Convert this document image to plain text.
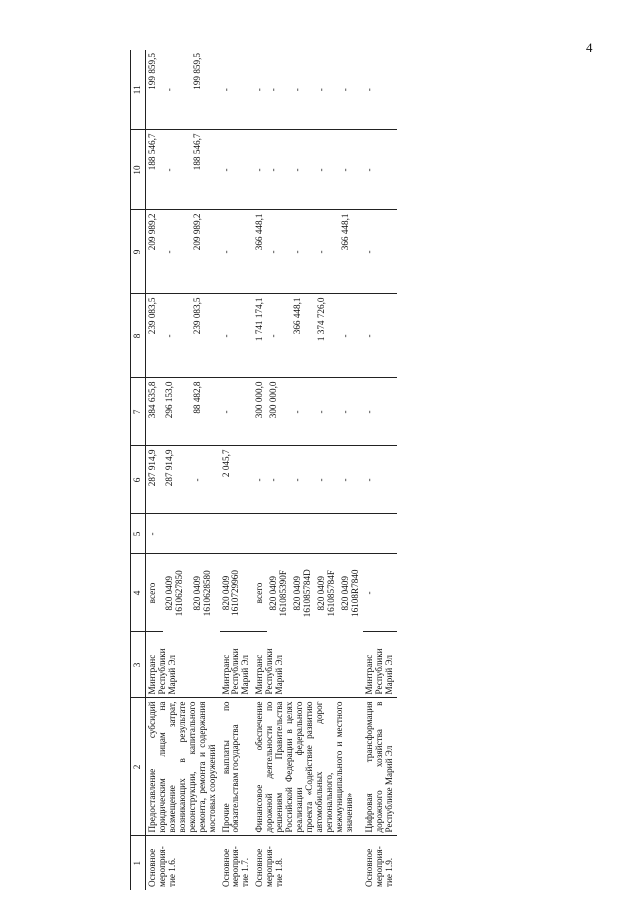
4
1	2	3	4	5	6	7	8	9	10	11
Основное мероприя-тие 1.6.	Предоставление субсидий юридическим лицам на возмещение затрат, возникающих в результате реконструкции, капитального ремонта, ремонта и содержания мостовых сооружений	Минтранс Республики Марий Эл	всего	-	287 914,9	384 635,8	239 083,5	209 989,2	188 546,7	199 859,5
			820 0409 1610627850		287 914,9	296 153,0	-	-	-	-
			820 0409 1610628580		-	88 482,8	239 083,5	209 989,2	188 546,7	199 859,5
Основное мероприя-тие 1.7.	Прочие выплаты по обязательствам государства	Минтранс Республики Марий Эл	820 0409 1610729960		2 045,7	-	-	-	-	-
Основное мероприя-тие 1.8.	Финансовое обеспечение дорожной деятельности по решениям Правительства Российской Федерации в целях реализации федерального проекта «Содействие развитию автомобильных дорог регионального, межмуниципального и местного значения»	Минтранс Республики Марий Эл	всего		-	300 000,0	1 741 174,1	366 448,1	-	-
			820 0409 161085390F		-	300 000,0	-	-	-	-
			820 0409 161085784D		-	-	366 448,1	-	-	-
			820 0409 161085784F		-	-	1 374 726,0	-	-	-
			820 0409 16108R7840		-	-	-	366 448,1	-	-
Основное мероприя-тие 1.9.	Цифровая трансформация дорожного хозяйства в Республике Марий Эл	Минтранс Республики Марий Эл	-		-	-	-	-	-	-
